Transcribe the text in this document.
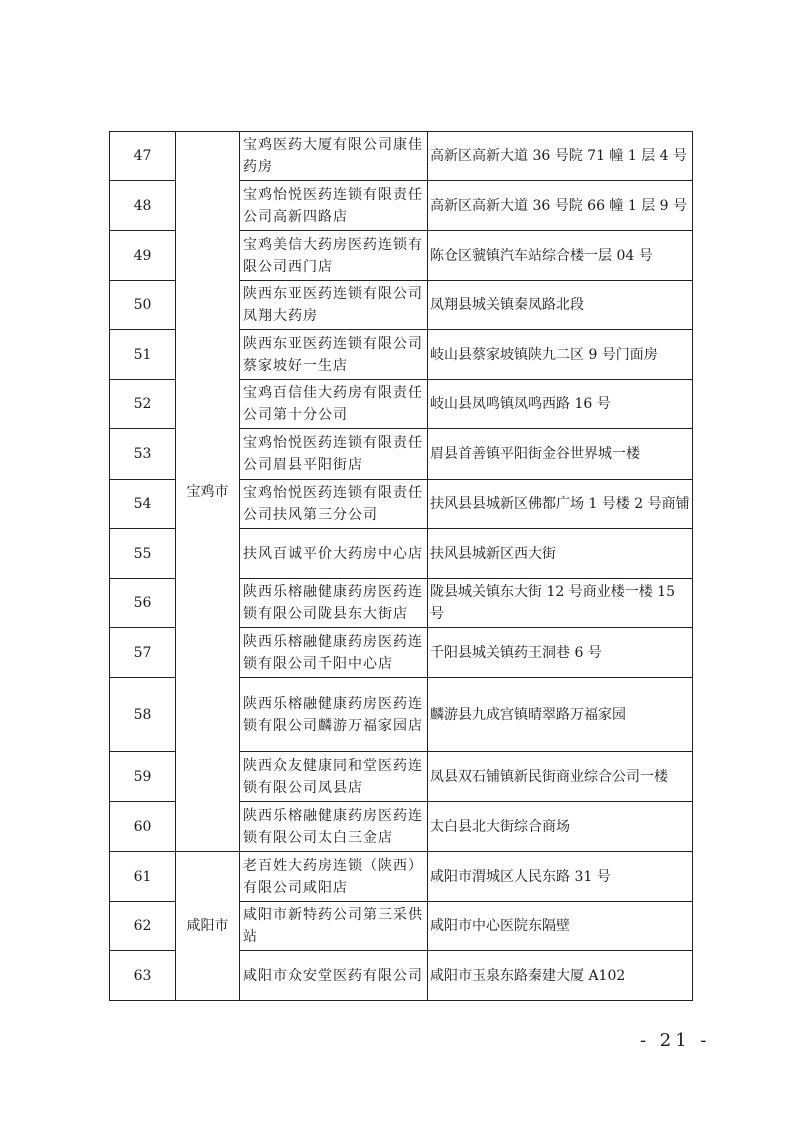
47	宝鸡市	宝鸡医药大厦有限公司康佳药房	高新区高新大道 36 号院 71 幢 1 层 4 号
48		宝鸡怡悦医药连锁有限责任公司高新四路店	高新区高新大道 36 号院 66 幢 1 层 9 号
49		宝鸡美信大药房医药连锁有限公司西门店	陈仓区虢镇汽车站综合楼一层 04 号
50		陕西东亚医药连锁有限公司凤翔大药房	凤翔县城关镇秦凤路北段
51		陕西东亚医药连锁有限公司蔡家坡好一生店	岐山县蔡家坡镇陕九二区 9 号门面房
52		宝鸡百信佳大药房有限责任公司第十分公司	岐山县凤鸣镇凤鸣西路 16 号
53		宝鸡怡悦医药连锁有限责任公司眉县平阳街店	眉县首善镇平阳街金谷世界城一楼
54		宝鸡怡悦医药连锁有限责任公司扶风第三分公司	扶风县县城新区佛都广场 1 号楼 2 号商铺
55		扶风百诚平价大药房中心店	扶风县城新区西大街
56		陕西乐榕融健康药房医药连锁有限公司陇县东大街店	陇县城关镇东大街 12 号商业楼一楼 15 号
57		陕西乐榕融健康药房医药连锁有限公司千阳中心店	千阳县城关镇药王洞巷 6 号
58		陕西乐榕融健康药房医药连锁有限公司麟游万福家园店	麟游县九成宫镇晴翠路万福家园
59		陕西众友健康同和堂医药连锁有限公司凤县店	凤县双石铺镇新民街商业综合公司一楼
60		陕西乐榕融健康药房医药连锁有限公司太白三金店	太白县北大街综合商场
61	咸阳市	老百姓大药房连锁（陕西）有限公司咸阳店	咸阳市渭城区人民东路 31 号
62		咸阳市新特药公司第三采供站	咸阳市中心医院东隔壁
63		咸阳市众安堂医药有限公司	咸阳市玉泉东路秦建大厦 A102
- 21 -
